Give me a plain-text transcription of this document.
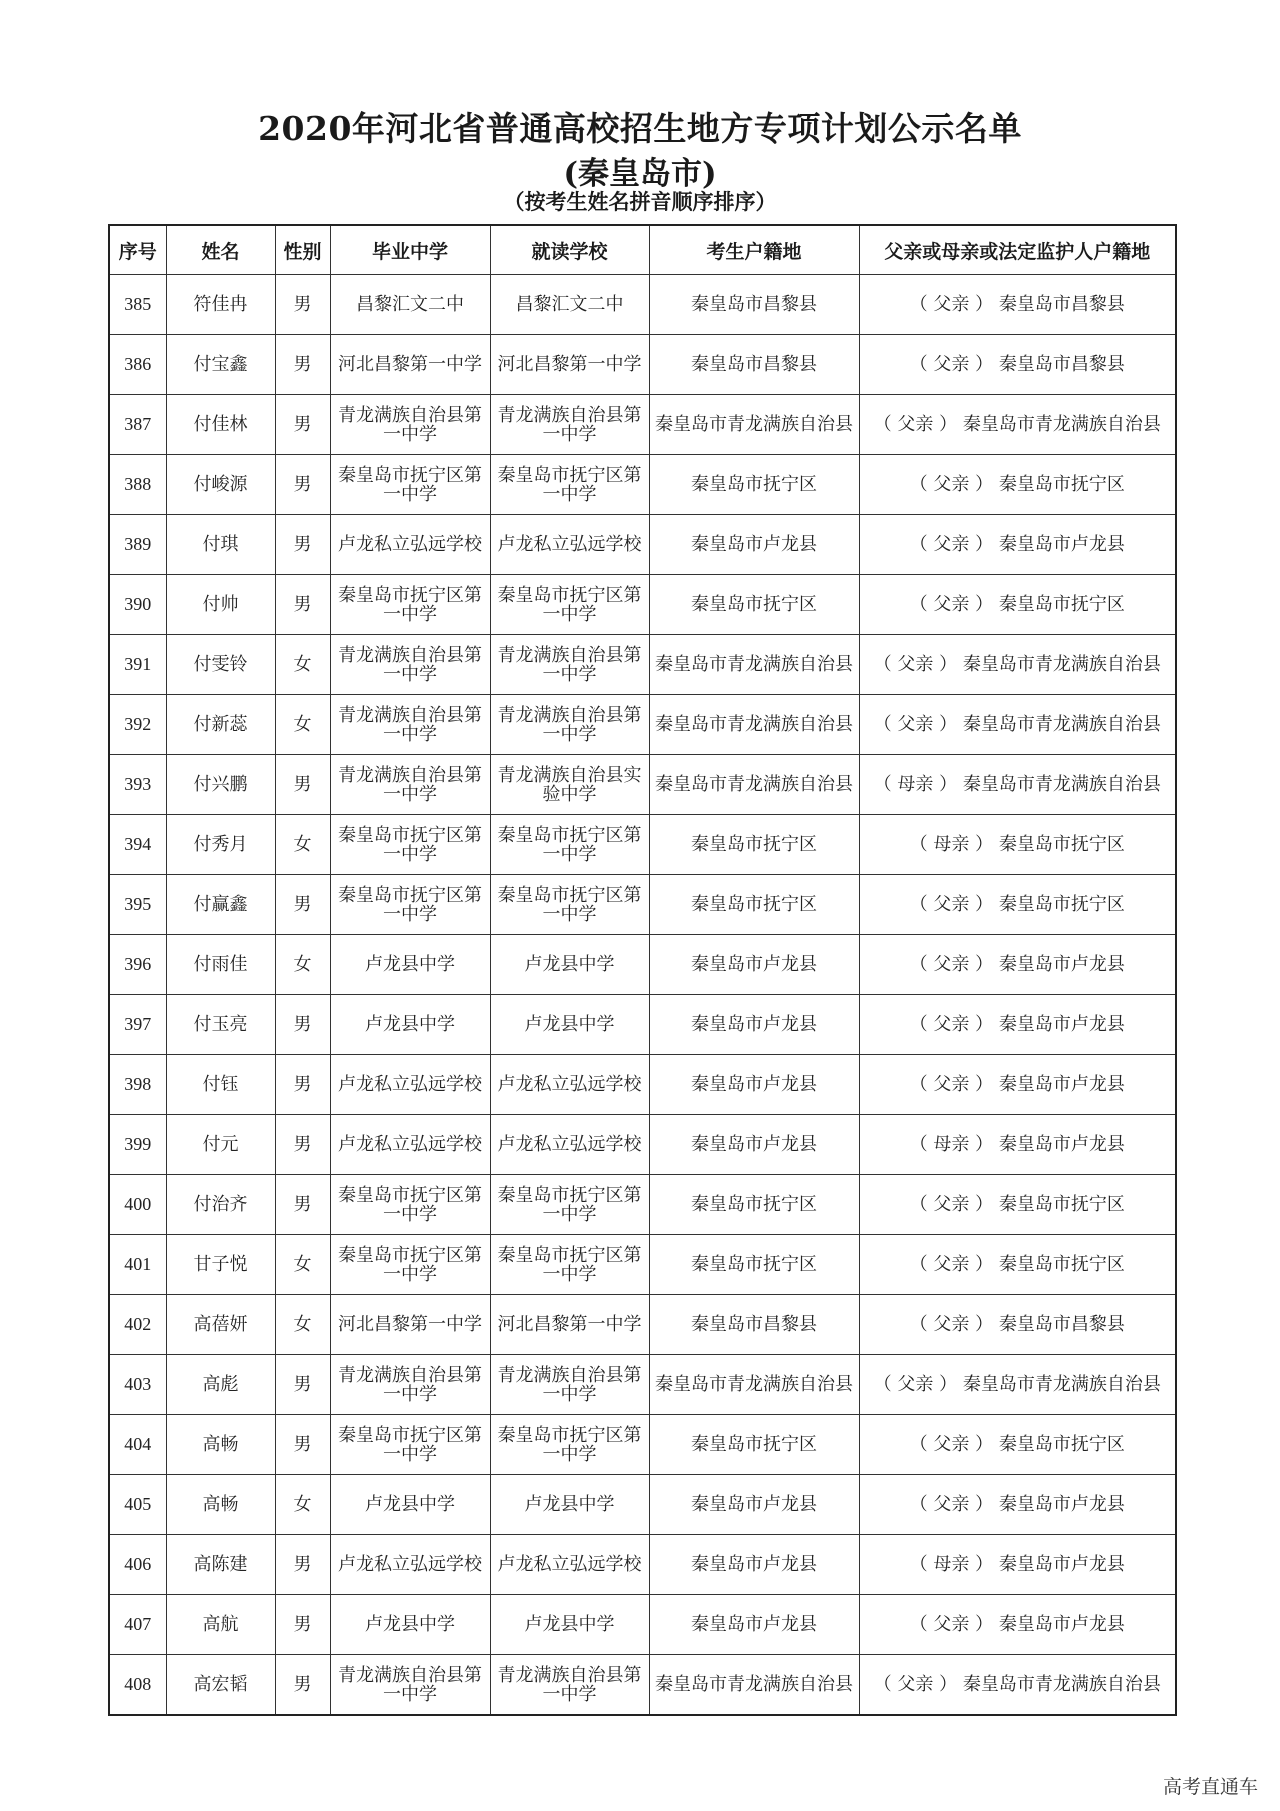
2020年河北省普通高校招生地方专项计划公示名单
(秦皇岛市)
（按考生姓名拼音顺序排序）
序号	姓名	性别	毕业中学	就读学校	考生户籍地	父亲或母亲或法定监护人户籍地
385	符佳冉	男	昌黎汇文二中	昌黎汇文二中	秦皇岛市昌黎县	（ 父亲 ） 秦皇岛市昌黎县
386	付宝鑫	男	河北昌黎第一中学	河北昌黎第一中学	秦皇岛市昌黎县	（ 父亲 ） 秦皇岛市昌黎县
387	付佳林	男	青龙满族自治县第一中学	青龙满族自治县第一中学	秦皇岛市青龙满族自治县	（ 父亲 ） 秦皇岛市青龙满族自治县
388	付峻源	男	秦皇岛市抚宁区第一中学	秦皇岛市抚宁区第一中学	秦皇岛市抚宁区	（ 父亲 ） 秦皇岛市抚宁区
389	付琪	男	卢龙私立弘远学校	卢龙私立弘远学校	秦皇岛市卢龙县	（ 父亲 ） 秦皇岛市卢龙县
390	付帅	男	秦皇岛市抚宁区第一中学	秦皇岛市抚宁区第一中学	秦皇岛市抚宁区	（ 父亲 ） 秦皇岛市抚宁区
391	付雯铃	女	青龙满族自治县第一中学	青龙满族自治县第一中学	秦皇岛市青龙满族自治县	（ 父亲 ） 秦皇岛市青龙满族自治县
392	付新蕊	女	青龙满族自治县第一中学	青龙满族自治县第一中学	秦皇岛市青龙满族自治县	（ 父亲 ） 秦皇岛市青龙满族自治县
393	付兴鹏	男	青龙满族自治县第一中学	青龙满族自治县实验中学	秦皇岛市青龙满族自治县	（ 母亲 ） 秦皇岛市青龙满族自治县
394	付秀月	女	秦皇岛市抚宁区第一中学	秦皇岛市抚宁区第一中学	秦皇岛市抚宁区	（ 母亲 ） 秦皇岛市抚宁区
395	付赢鑫	男	秦皇岛市抚宁区第一中学	秦皇岛市抚宁区第一中学	秦皇岛市抚宁区	（ 父亲 ） 秦皇岛市抚宁区
396	付雨佳	女	卢龙县中学	卢龙县中学	秦皇岛市卢龙县	（ 父亲 ） 秦皇岛市卢龙县
397	付玉亮	男	卢龙县中学	卢龙县中学	秦皇岛市卢龙县	（ 父亲 ） 秦皇岛市卢龙县
398	付钰	男	卢龙私立弘远学校	卢龙私立弘远学校	秦皇岛市卢龙县	（ 父亲 ） 秦皇岛市卢龙县
399	付元	男	卢龙私立弘远学校	卢龙私立弘远学校	秦皇岛市卢龙县	（ 母亲 ） 秦皇岛市卢龙县
400	付治齐	男	秦皇岛市抚宁区第一中学	秦皇岛市抚宁区第一中学	秦皇岛市抚宁区	（ 父亲 ） 秦皇岛市抚宁区
401	甘子悦	女	秦皇岛市抚宁区第一中学	秦皇岛市抚宁区第一中学	秦皇岛市抚宁区	（ 父亲 ） 秦皇岛市抚宁区
402	高蓓妍	女	河北昌黎第一中学	河北昌黎第一中学	秦皇岛市昌黎县	（ 父亲 ） 秦皇岛市昌黎县
403	高彪	男	青龙满族自治县第一中学	青龙满族自治县第一中学	秦皇岛市青龙满族自治县	（ 父亲 ） 秦皇岛市青龙满族自治县
404	高畅	男	秦皇岛市抚宁区第一中学	秦皇岛市抚宁区第一中学	秦皇岛市抚宁区	（ 父亲 ） 秦皇岛市抚宁区
405	高畅	女	卢龙县中学	卢龙县中学	秦皇岛市卢龙县	（ 父亲 ） 秦皇岛市卢龙县
406	高陈建	男	卢龙私立弘远学校	卢龙私立弘远学校	秦皇岛市卢龙县	（ 母亲 ） 秦皇岛市卢龙县
407	高航	男	卢龙县中学	卢龙县中学	秦皇岛市卢龙县	（ 父亲 ） 秦皇岛市卢龙县
408	高宏韬	男	青龙满族自治县第一中学	青龙满族自治县第一中学	秦皇岛市青龙满族自治县	（ 父亲 ） 秦皇岛市青龙满族自治县
高考直通车
